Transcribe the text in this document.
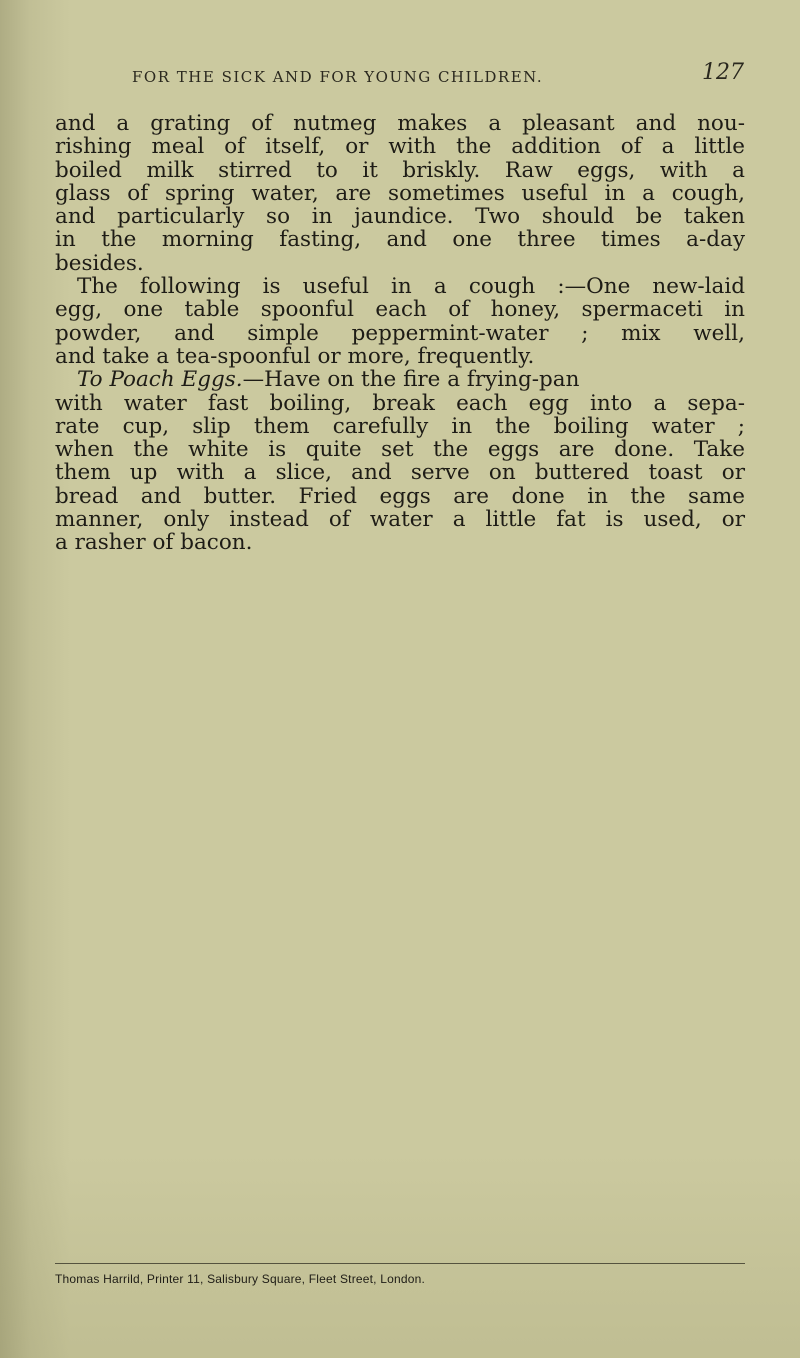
FOR THE SICK AND FOR YOUNG CHILDREN.	127
and a grating of nutmeg makes a pleasant and nou-
rishing meal of itself, or with the addition of a little
boiled milk stirred to it briskly. Raw eggs, with a
glass of spring water, are sometimes useful in a cough,
and particularly so in jaundice. Two should be taken
in the morning fasting, and one three times a-day
besides.
The following is useful in a cough :—One new-laid
egg, one table spoonful each of honey, spermaceti in
powder, and simple peppermint-water ; mix well,
and take a tea-spoonful or more, frequently.
To Poach Eggs.—Have on the fire a frying-pan
with water fast boiling, break each egg into a sepa-
rate cup, slip them carefully in the boiling water ;
when the white is quite set the eggs are done. Take
them up with a slice, and serve on buttered toast or
bread and butter. Fried eggs are done in the same
manner, only instead of water a little fat is used, or
a rasher of bacon.
Thomas Harrild, Printer 11, Salisbury Square, Fleet Street, London.
